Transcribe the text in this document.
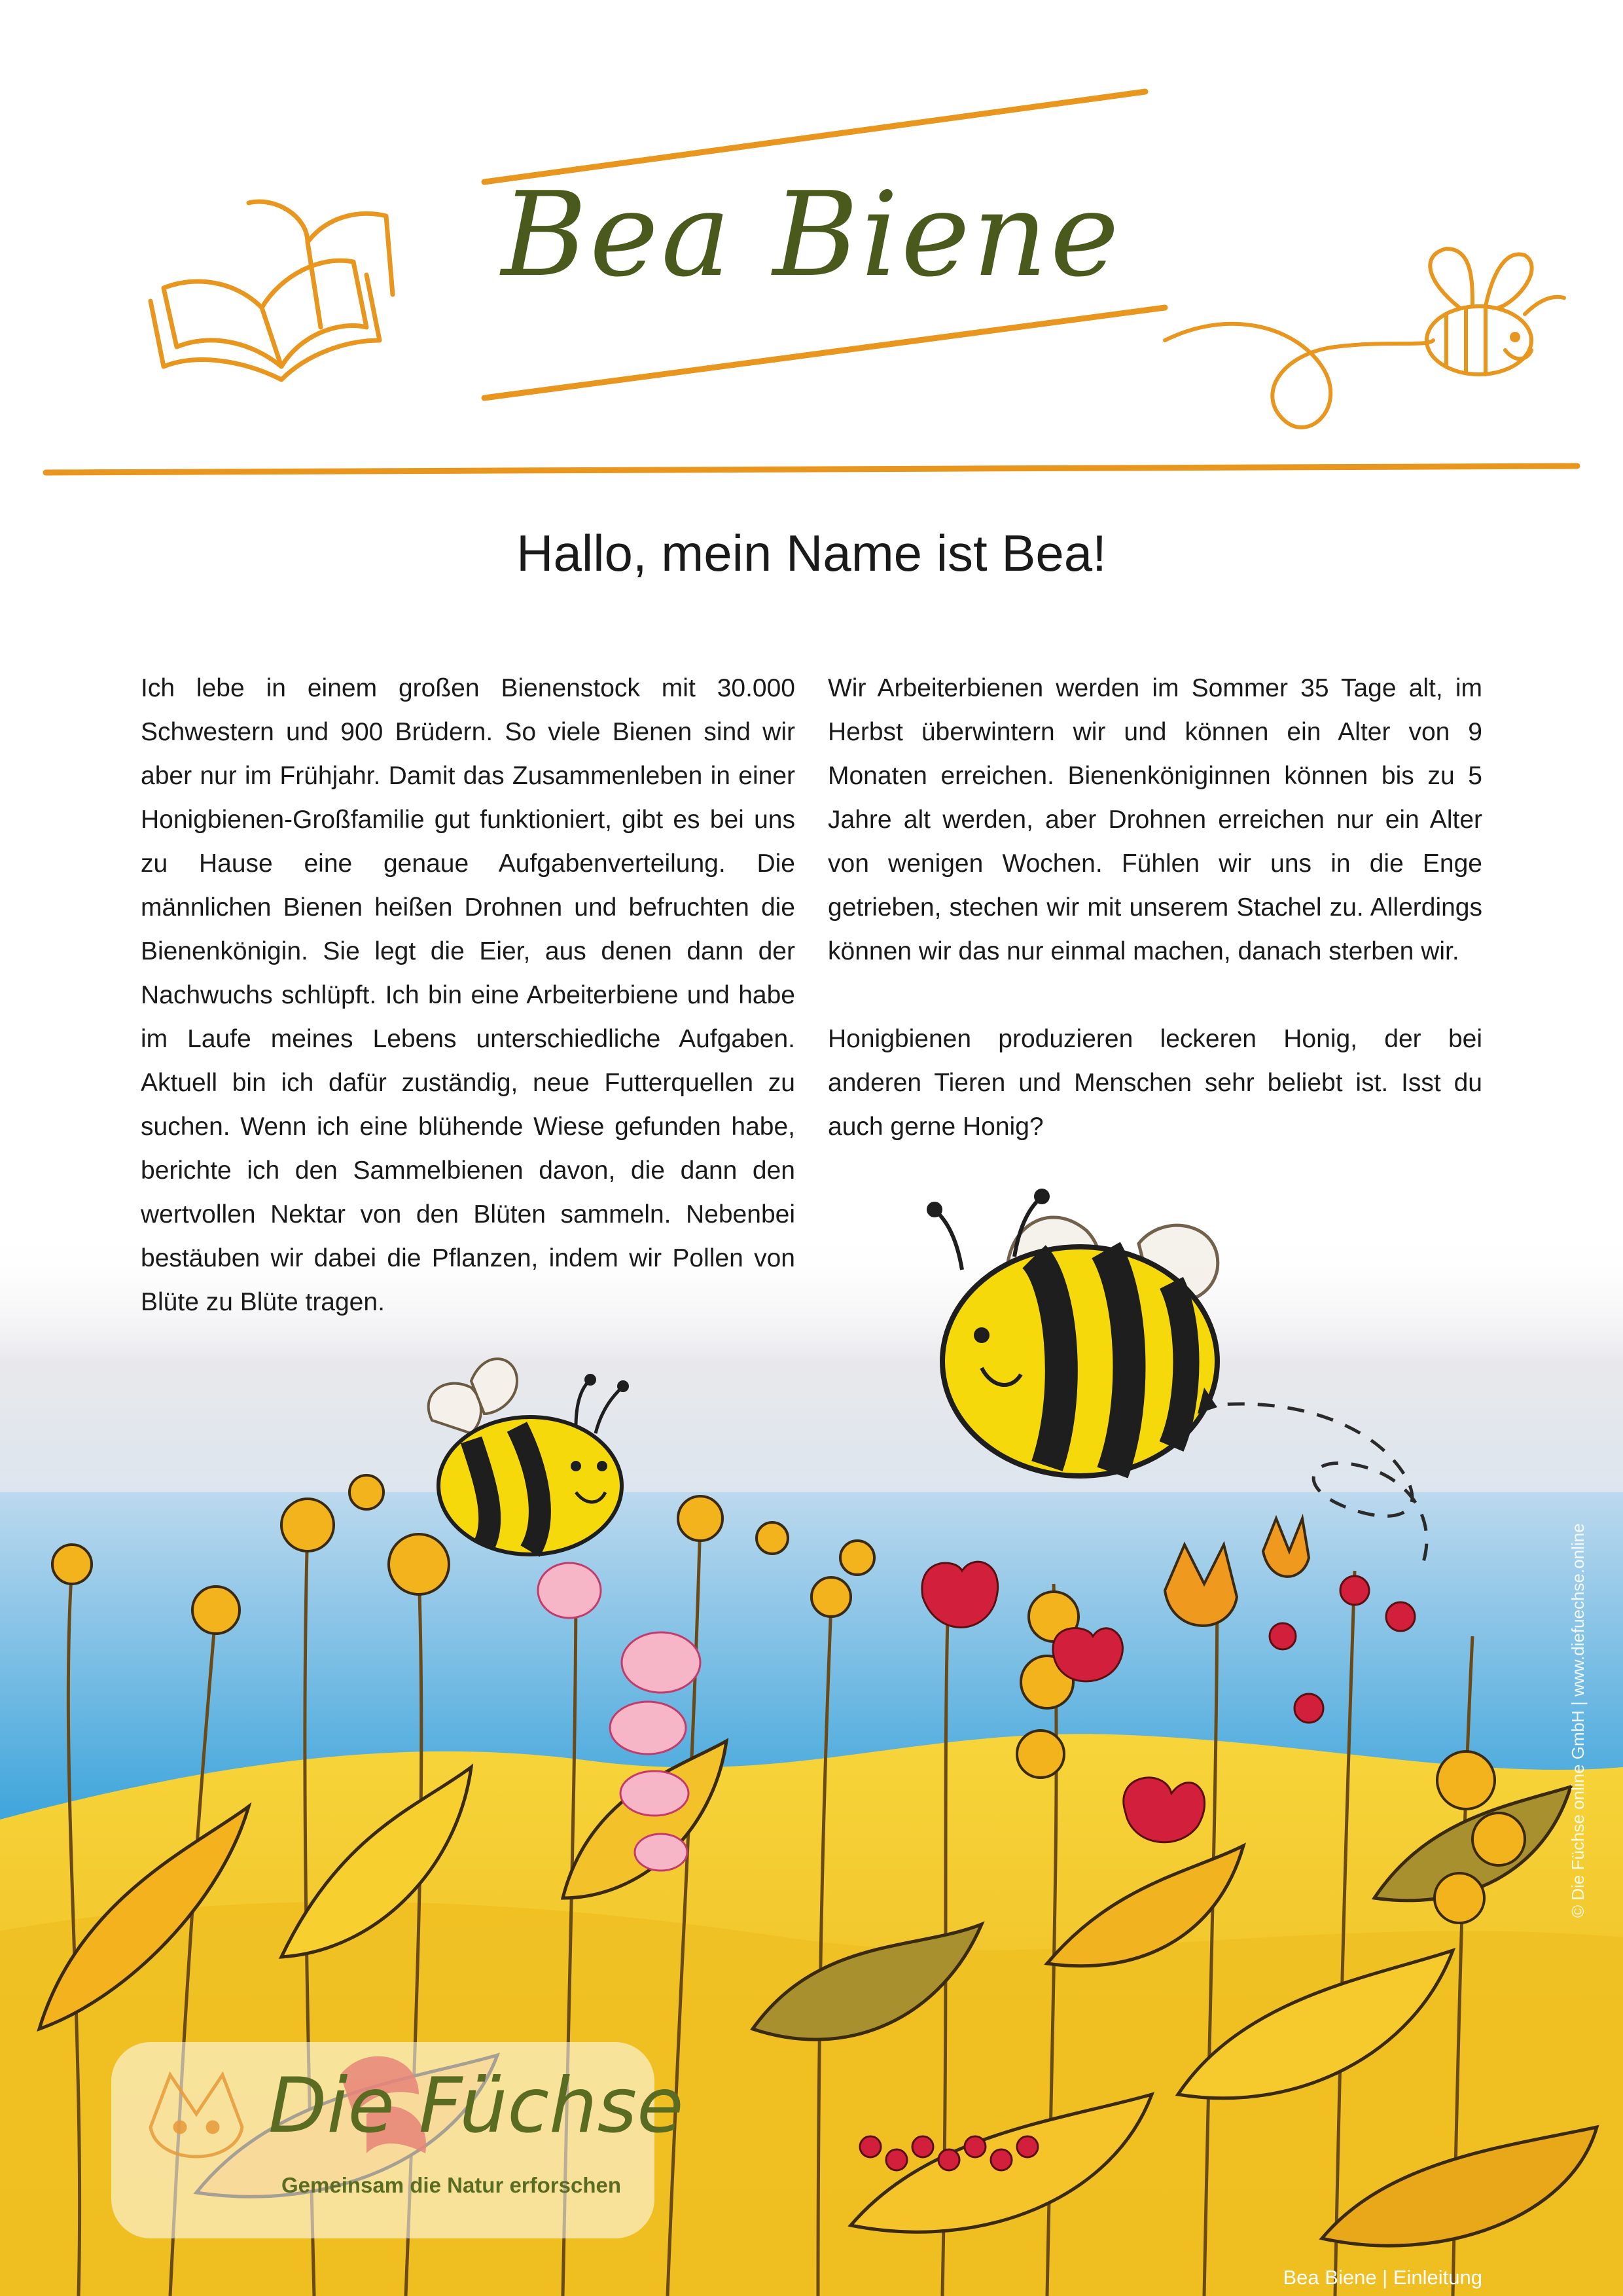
Bea Biene
Hallo, mein Name ist Bea!

Ich lebe in einem großen Bienenstock mit 30.000 Schwestern und 900 Brüdern. So viele Bienen sind wir aber nur im Frühjahr. Damit das Zusammenleben in einer Honigbienen-Großfamilie gut funktioniert, gibt es bei uns zu Hause eine genaue Aufgabenverteilung. Die männlichen Bienen heißen Drohnen und befruchten die Bienenkönigin. Sie legt die Eier, aus denen dann der Nachwuchs schlüpft. Ich bin eine Arbeiterbiene und habe im Laufe meines Lebens unterschiedliche Aufgaben. Aktuell bin ich dafür zuständig, neue Futterquellen zu suchen. Wenn ich eine blühende Wiese gefunden habe, berichte ich den Sammelbienen davon, die dann den wertvollen Nektar von den Blüten sammeln. Nebenbei bestäuben wir dabei die Pflanzen, indem wir Pollen von Blüte zu Blüte tragen.

Wir Arbeiterbienen werden im Sommer 35 Tage alt, im Herbst überwintern wir und können ein Alter von 9 Monaten erreichen. Bienenköniginnen können bis zu 5 Jahre alt werden, aber Drohnen erreichen nur ein Alter von wenigen Wochen. Fühlen wir uns in die Enge getrieben, stechen wir mit unserem Stachel zu. Allerdings können wir das nur einmal machen, danach sterben wir.

Honigbienen produzieren leckeren Honig, der bei anderen Tieren und Menschen sehr beliebt ist. Isst du auch gerne Honig?

Die Füchse
Gemeinsam die Natur erforschen
© Die Füchse online GmbH | www.diefuechse.online
Bea Biene | Einleitung
